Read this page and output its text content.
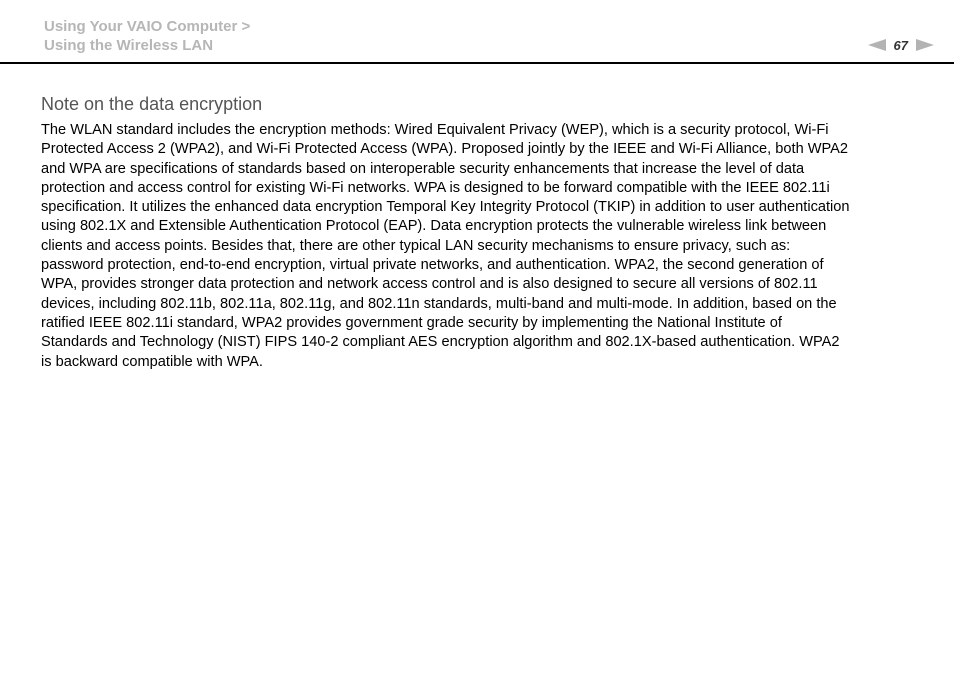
Using Your VAIO Computer >
Using the Wireless LAN	67
Note on the data encryption
The WLAN standard includes the encryption methods: Wired Equivalent Privacy (WEP), which is a security protocol, Wi-Fi
Protected Access 2 (WPA2), and Wi-Fi Protected Access (WPA). Proposed jointly by the IEEE and Wi-Fi Alliance, both WPA2
and WPA are specifications of standards based on interoperable security enhancements that increase the level of data
protection and access control for existing Wi-Fi networks. WPA is designed to be forward compatible with the IEEE 802.11i
specification. It utilizes the enhanced data encryption Temporal Key Integrity Protocol (TKIP) in addition to user authentication
using 802.1X and Extensible Authentication Protocol (EAP). Data encryption protects the vulnerable wireless link between
clients and access points. Besides that, there are other typical LAN security mechanisms to ensure privacy, such as:
password protection, end-to-end encryption, virtual private networks, and authentication. WPA2, the second generation of
WPA, provides stronger data protection and network access control and is also designed to secure all versions of 802.11
devices, including 802.11b, 802.11a, 802.11g, and 802.11n standards, multi-band and multi-mode. In addition, based on the
ratified IEEE 802.11i standard, WPA2 provides government grade security by implementing the National Institute of
Standards and Technology (NIST) FIPS 140-2 compliant AES encryption algorithm and 802.1X-based authentication. WPA2
is backward compatible with WPA.
